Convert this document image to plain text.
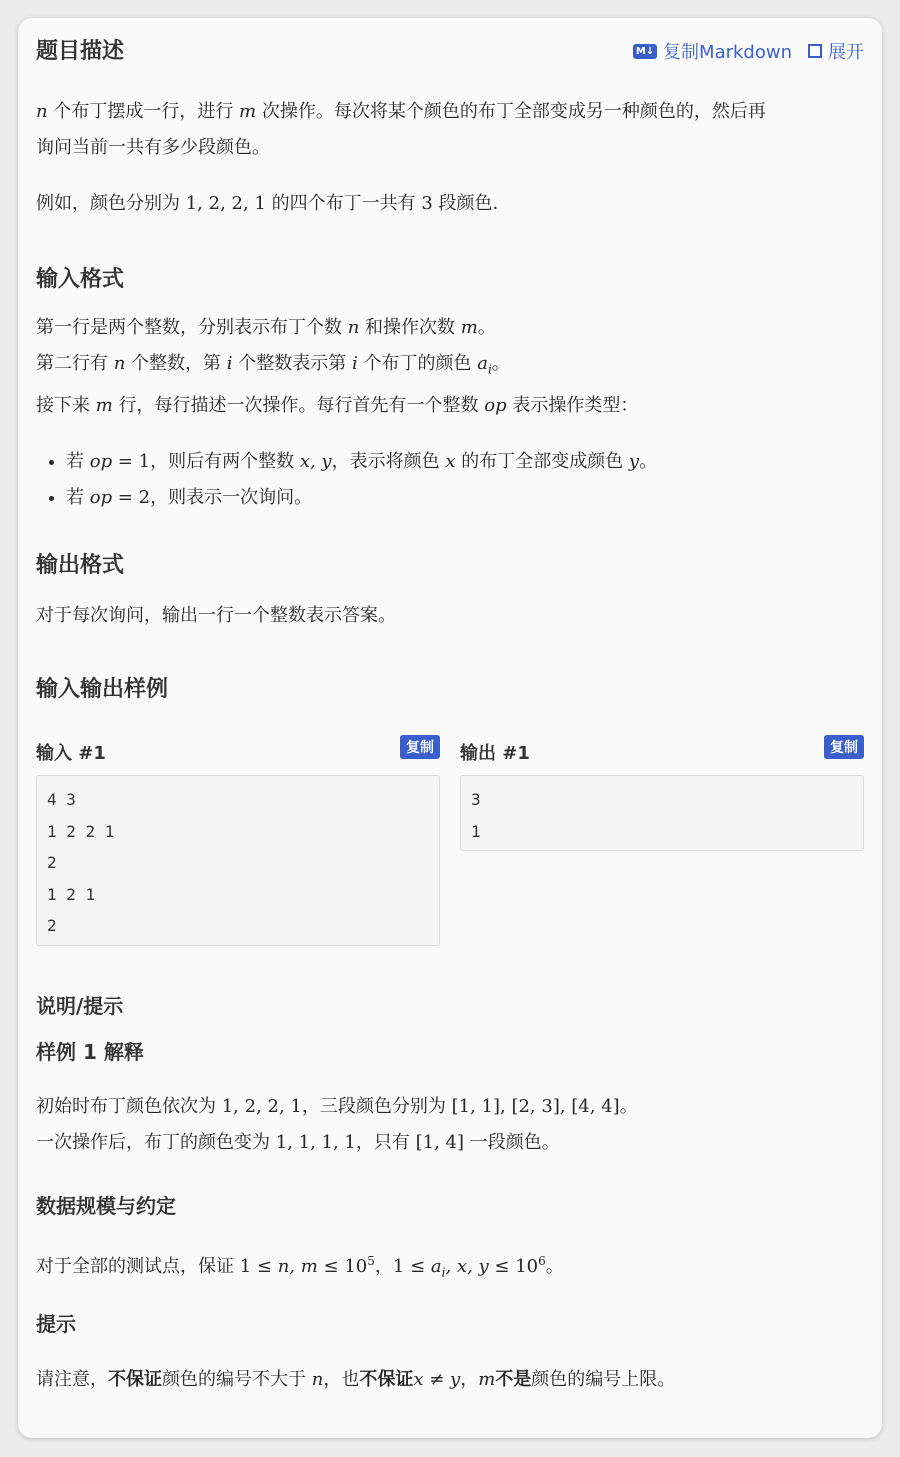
题目描述	M↓ 复制Markdown 展开

n 个布丁摆成一行，进行 m 次操作。每次将某个颜色的布丁全部变成另一种颜色的，然后再

询问当前一共有多少段颜色。

例如，颜色分别为 1, 2, 2, 1 的四个布丁一共有 3 段颜色.

输入格式

第一行是两个整数，分别表示布丁个数 n 和操作次数 m。

第二行有 n 个整数，第 i 个整数表示第 i 个布丁的颜色 $a_i$。

接下来 m 行，每行描述一次操作。每行首先有一个整数 op 表示操作类型：

• 若 op = 1，则后有两个整数 x, y，表示将颜色 x 的布丁全部变成颜色 y。
• 若 op = 2，则表示一次询问。
输出格式

对于每次询问，输出一行一个整数表示答案。

输入输出样例
输入 #1	复制
4 3
1 2 2 1
2
1 2 1
2
输出 #1	复制
3
1
说明/提示
样例 1 解释

初始时布丁颜色依次为 1, 2, 2, 1，三段颜色分别为 [1, 1], [2, 3], [4, 4]。

一次操作后，布丁的颜色变为 1, 1, 1, 1，只有 [1, 4] 一段颜色。

数据规模与约定

对于全部的测试点，保证 1 ≤ n, $m \le 10^5$，$1 \le a_i$, x, $y \le 10^6$。

提示

请注意，不保证颜色的编号不大于 n，也不保证x ≠ y，m不是颜色的编号上限。
